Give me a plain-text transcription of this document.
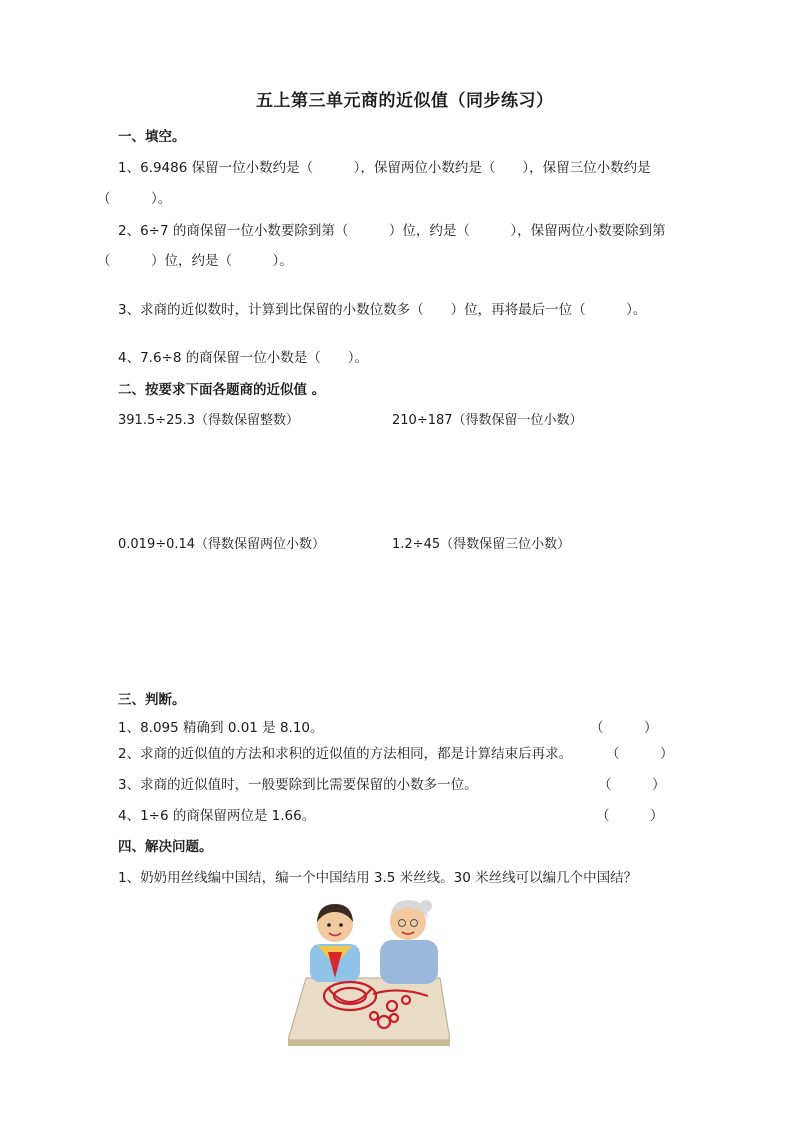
五上第三单元商的近似值（同步练习）
一、填空。
1、6.9486 保留一位小数约是（　　　），保留两位小数约是（　　），保留三位小数约是
（　　　）。
2、6÷7 的商保留一位小数要除到第（　　　）位，约是（　　　），保留两位小数要除到第
（　　　）位，约是（　　　）。
3、求商的近似数时，计算到比保留的小数位数多（　　）位，再将最后一位（　　　）。
4、7.6÷8 的商保留一位小数是（　　）。
二、按要求下面各题商的近似值 。
391.5÷25.3（得数保留整数）	210÷187（得数保留一位小数）
0.019÷0.14（得数保留两位小数）	1.2÷45（得数保留三位小数）
三、判断。
1、8.095 精确到 0.01 是 8.10。	（　　　）
2、求商的近似值的方法和求积的近似值的方法相同，都是计算结束后再求。	（　　　）
3、求商的近似值时，一般要除到比需要保留的小数多一位。	（　　　）
4、1÷6 的商保留两位是 1.66。	（　　　）
四、解决问题。
1、奶奶用丝线编中国结，编一个中国结用 3.5 米丝线。30 米丝线可以编几个中国结？
